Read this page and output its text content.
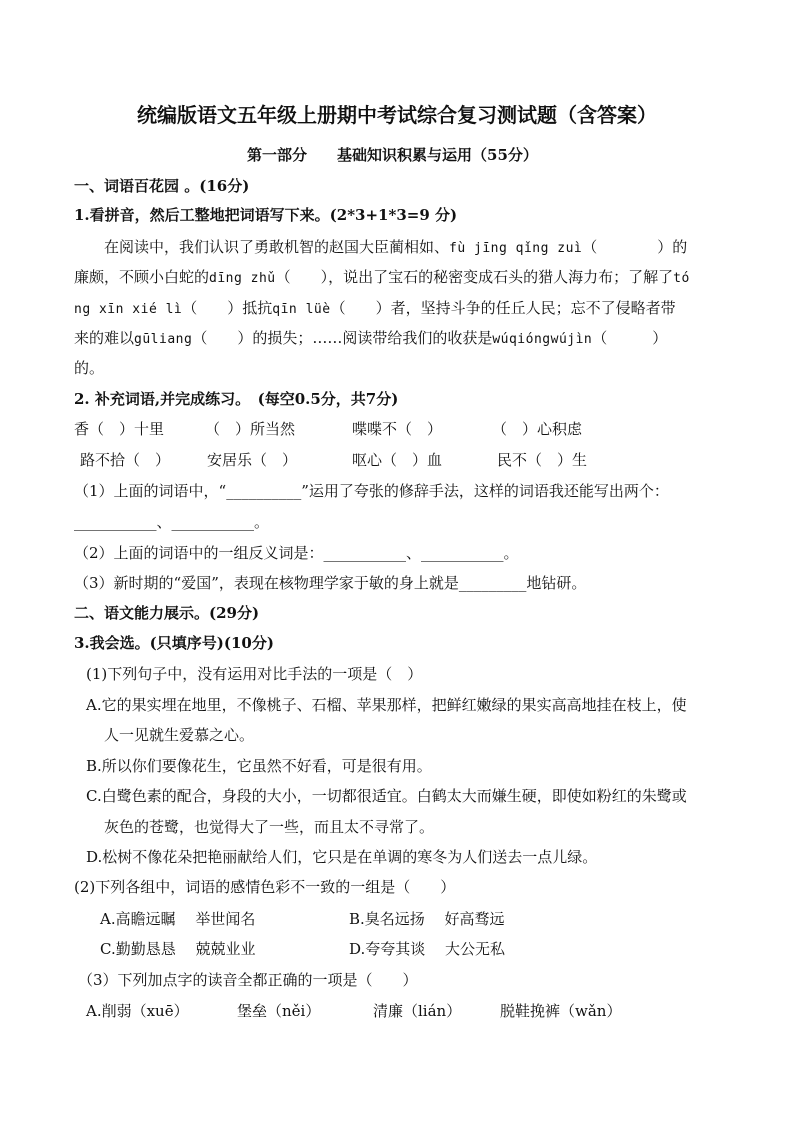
统编版语文五年级上册期中考试综合复习测试题（含答案）
第一部分　　基础知识积累与运用（55分）
一、词语百花园 。(16分)
1.看拼音，然后工整地把词语写下来。(2*3+1*3=9 分)
在阅读中，我们认识了勇敢机智的赵国大臣蔺相如、fù jīng qǐng zuì（　　　　）的
廉颇，不顾小白蛇的dīng zhǔ（　　），说出了宝石的秘密变成石头的猎人海力布；了解了tó
ng xīn xié lì（　　）抵抗qīn lüè（　　）者，坚持斗争的任丘人民；忘不了侵略者带
来的难以gūliang（　　）的损失；……阅读带给我们的收获是wúqióngwújìn（　　　）
的。
2. 补充词语,并完成练习。　(每空0.5分，共7分)
香（　）十里	（　）所当然	喋喋不（　）	（　）心积虑
路不拾（　） 安居乐（　）	呕心（　）血	民不（　）生
（1）上面的词语中，“__________”运用了夸张的修辞手法，这样的词语我还能写出两个：
___________、___________。
（2）上面的词语中的一组反义词是：___________、___________。
（3）新时期的“爱国”，表现在核物理学家于敏的身上就是_________地钻研。
二、语文能力展示。(29分)
3.我会选。(只填序号)(10分)
(1)下列句子中，没有运用对比手法的一项是（　）
A.它的果实埋在地里，不像桃子、石榴、苹果那样，把鲜红嫩绿的果实高高地挂在枝上，使
人一见就生爱慕之心。
B.所以你们要像花生，它虽然不好看，可是很有用。
C.白鹭色素的配合，身段的大小，一切都很适宜。白鹤太大而嫌生硬，即使如粉红的朱鹭或
灰色的苍鹭，也觉得大了一些，而且太不寻常了。
D.松树不像花朵把艳丽献给人们，它只是在单调的寒冬为人们送去一点儿绿。
(2)下列各组中，词语的感情色彩不一致的一组是（　　）
A.高瞻远瞩　 举世闻名	B.臭名远扬　 好高骛远
C.勤勤恳恳　 兢兢业业	D.夸夸其谈　 大公无私
（3）下列加点字的读音全都正确的一项是（　　）
A.削弱（xuē）	堡垒（něi）	清廉（lián）	脱鞋挽裤（wǎn）
